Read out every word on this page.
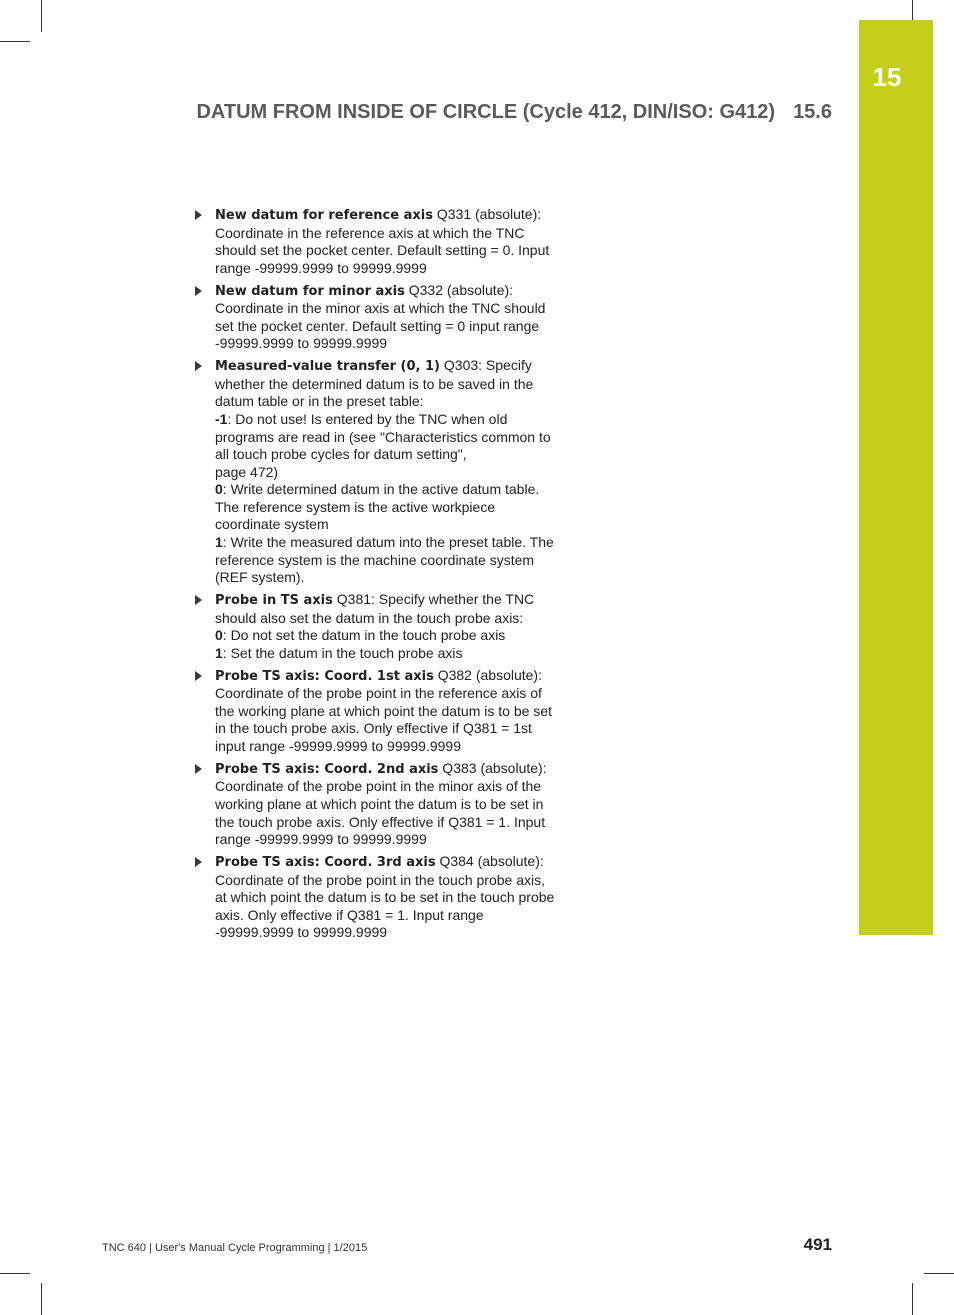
15
DATUM FROM INSIDE OF CIRCLE (Cycle 412, DIN/ISO: G412) 15.6
New datum for reference axis Q331 (absolute): Coordinate in the reference axis at which the TNC should set the pocket center. Default setting = 0. Input range -99999.9999 to 99999.9999
New datum for minor axis Q332 (absolute): Coordinate in the minor axis at which the TNC should set the pocket center. Default setting = 0 input range -99999.9999 to 99999.9999
Measured-value transfer (0, 1) Q303: Specify whether the determined datum is to be saved in the datum table or in the preset table:
-1: Do not use! Is entered by the TNC when old programs are read in (see "Characteristics common to all touch probe cycles for datum setting",
page 472)
0: Write determined datum in the active datum table. The reference system is the active workpiece coordinate system
1: Write the measured datum into the preset table. The reference system is the machine coordinate system (REF system).
Probe in TS axis Q381: Specify whether the TNC should also set the datum in the touch probe axis:
0: Do not set the datum in the touch probe axis
1: Set the datum in the touch probe axis
Probe TS axis: Coord. 1st axis Q382 (absolute): Coordinate of the probe point in the reference axis of the working plane at which point the datum is to be set in the touch probe axis. Only effective if Q381 = 1st input range -99999.9999 to 99999.9999
Probe TS axis: Coord. 2nd axis Q383 (absolute): Coordinate of the probe point in the minor axis of the working plane at which point the datum is to be set in the touch probe axis. Only effective if Q381 = 1. Input range -99999.9999 to 99999.9999
Probe TS axis: Coord. 3rd axis Q384 (absolute): Coordinate of the probe point in the touch probe axis, at which point the datum is to be set in the touch probe axis. Only effective if Q381 = 1. Input range -99999.9999 to 99999.9999
TNC 640 | User's Manual Cycle Programming | 1/2015	491
